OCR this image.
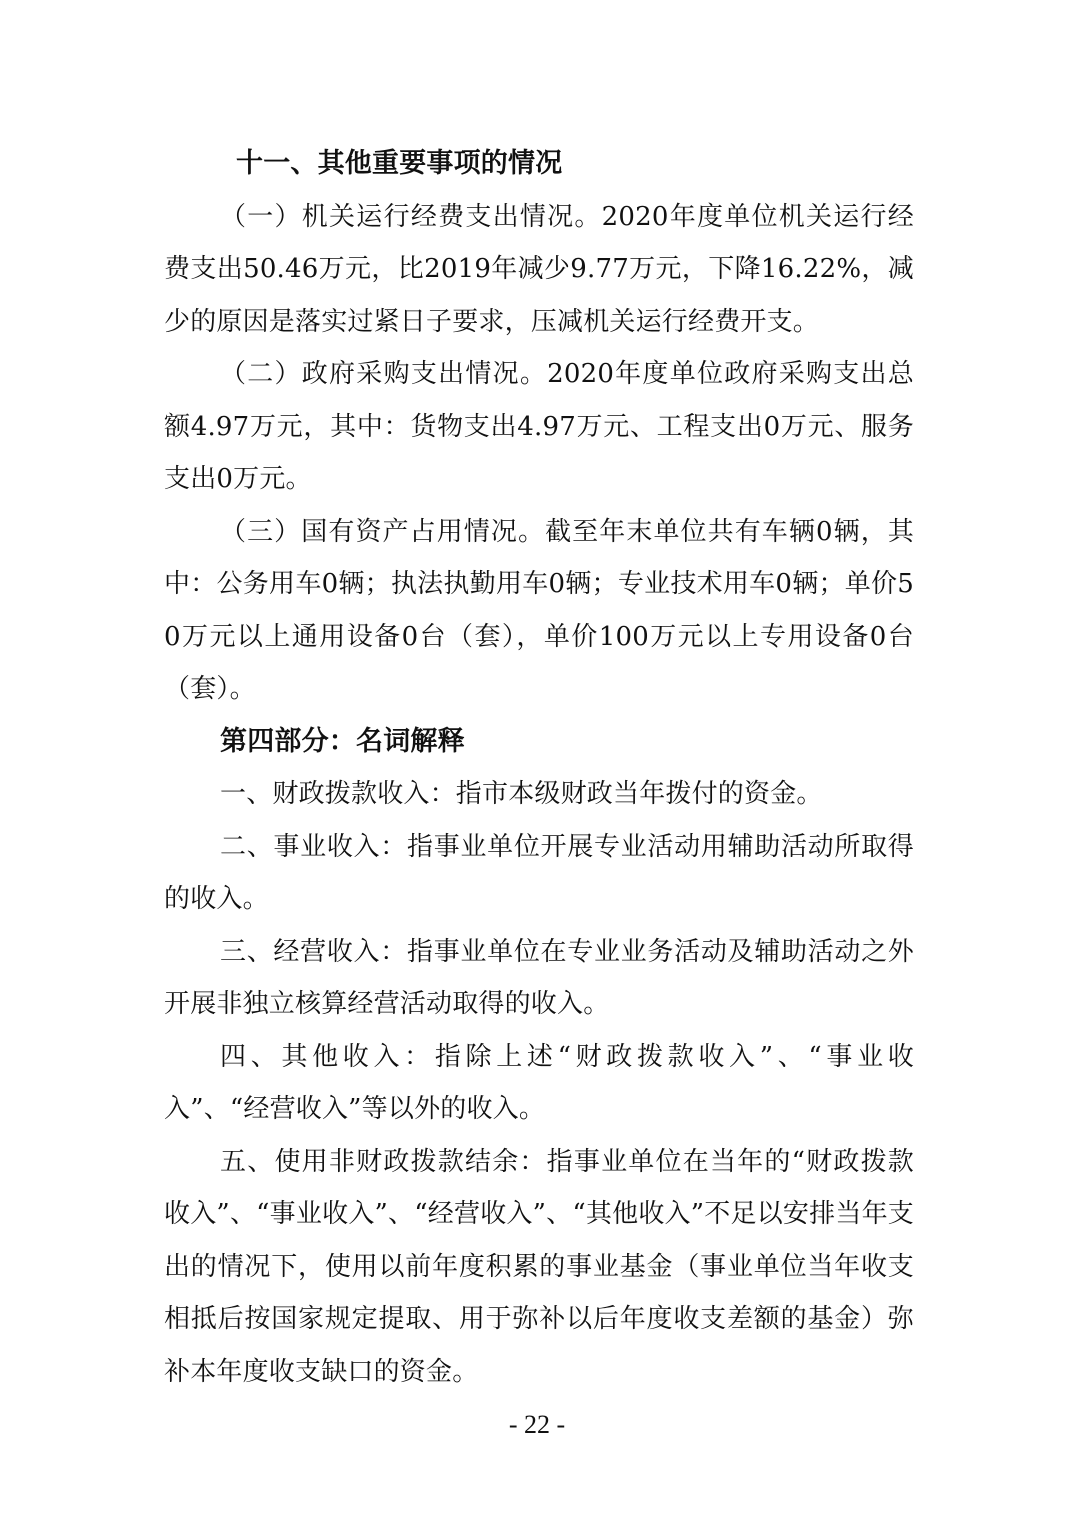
十一、其他重要事项的情况

（一）机关运行经费支出情况。2020年度单位机关运行经费支出50.46万元，比2019年减少9.77万元，下降16.22%，减少的原因是落实过紧日子要求，压减机关运行经费开支。

（二）政府采购支出情况。2020年度单位政府采购支出总额4.97万元，其中：货物支出4.97万元、工程支出0万元、服务支出0万元。

（三）国有资产占用情况。截至年末单位共有车辆0辆，其中：公务用车0辆；执法执勤用车0辆；专业技术用车0辆；单价50万元以上通用设备0台（套），单价100万元以上专用设备0台（套）。

第四部分：名词解释

一、财政拨款收入：指市本级财政当年拨付的资金。

二、事业收入：指事业单位开展专业活动用辅助活动所取得的收入。

三、经营收入：指事业单位在专业业务活动及辅助活动之外开展非独立核算经营活动取得的收入。

四、其他收入：指除上述“财政拨款收入”、“事业收入”、“经营收入”等以外的收入。

五、使用非财政拨款结余：指事业单位在当年的“财政拨款收入”、“事业收入”、“经营收入”、“其他收入”不足以安排当年支出的情况下，使用以前年度积累的事业基金（事业单位当年收支相抵后按国家规定提取、用于弥补以后年度收支差额的基金）弥补本年度收支缺口的资金。

- 22 -
